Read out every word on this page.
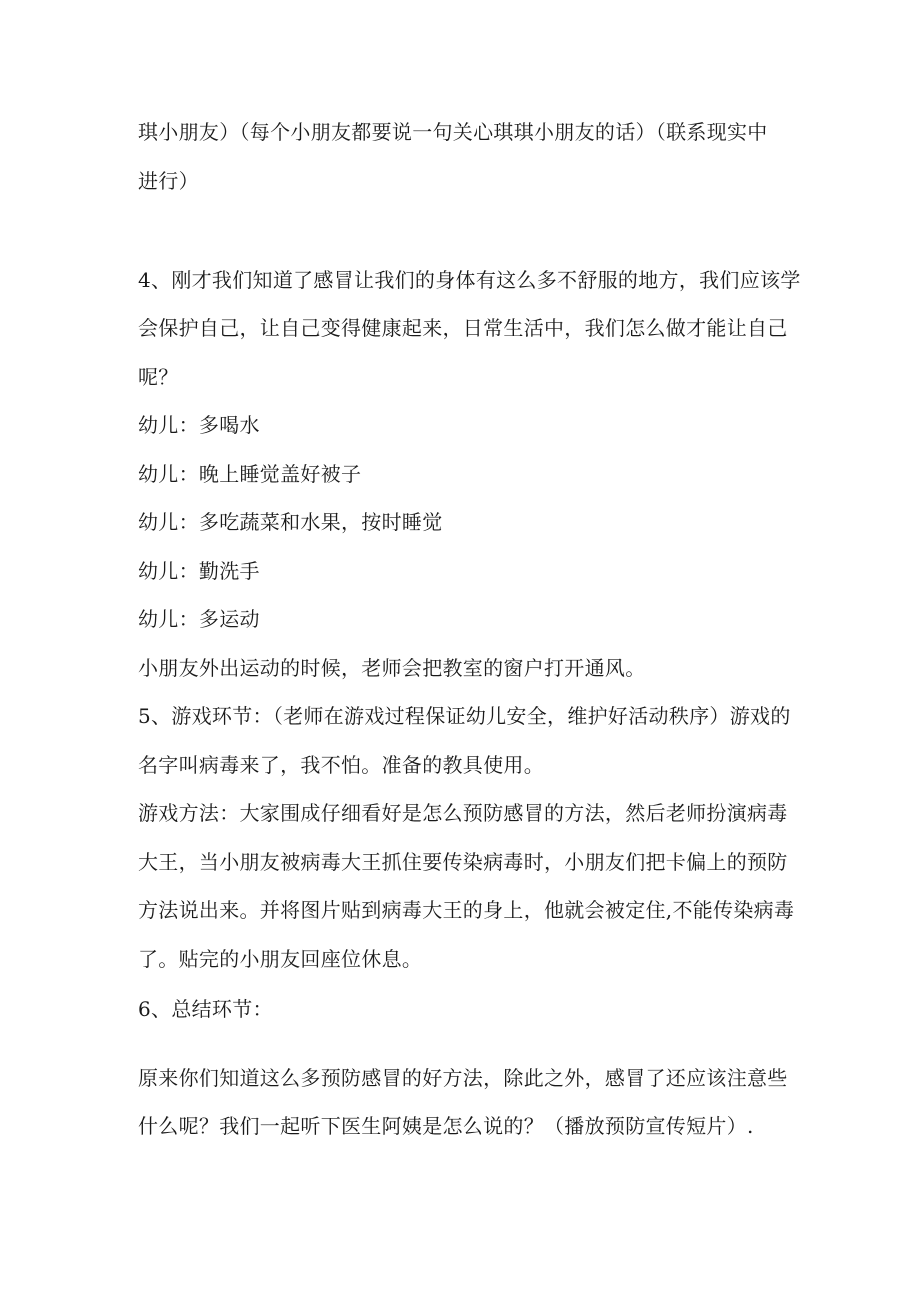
琪小朋友）（每个小朋友都要说一句关心琪琪小朋友的话）（联系现实中
进行）
4、刚才我们知道了感冒让我们的身体有这么多不舒服的地方，我们应该学
会保护自己，让自己变得健康起来，日常生活中，我们怎么做才能让自己
呢？
幼儿：多喝水
幼儿：晚上睡觉盖好被子
幼儿：多吃蔬菜和水果，按时睡觉
幼儿：勤洗手
幼儿：多运动
小朋友外出运动的时候，老师会把教室的窗户打开通风。
5、游戏环节：（老师在游戏过程保证幼儿安全，维护好活动秩序）游戏的
名字叫病毒来了，我不怕。准备的教具使用。
游戏方法：大家围成仔细看好是怎么预防感冒的方法，然后老师扮演病毒
大王，当小朋友被病毒大王抓住要传染病毒时，小朋友们把卡偏上的预防
方法说出来。并将图片贴到病毒大王的身上，他就会被定住,不能传染病毒
了。贴完的小朋友回座位休息。
6、总结环节：
原来你们知道这么多预防感冒的好方法，除此之外，感冒了还应该注意些
什么呢？我们一起听下医生阿姨是怎么说的？（播放预防宣传短片）.
